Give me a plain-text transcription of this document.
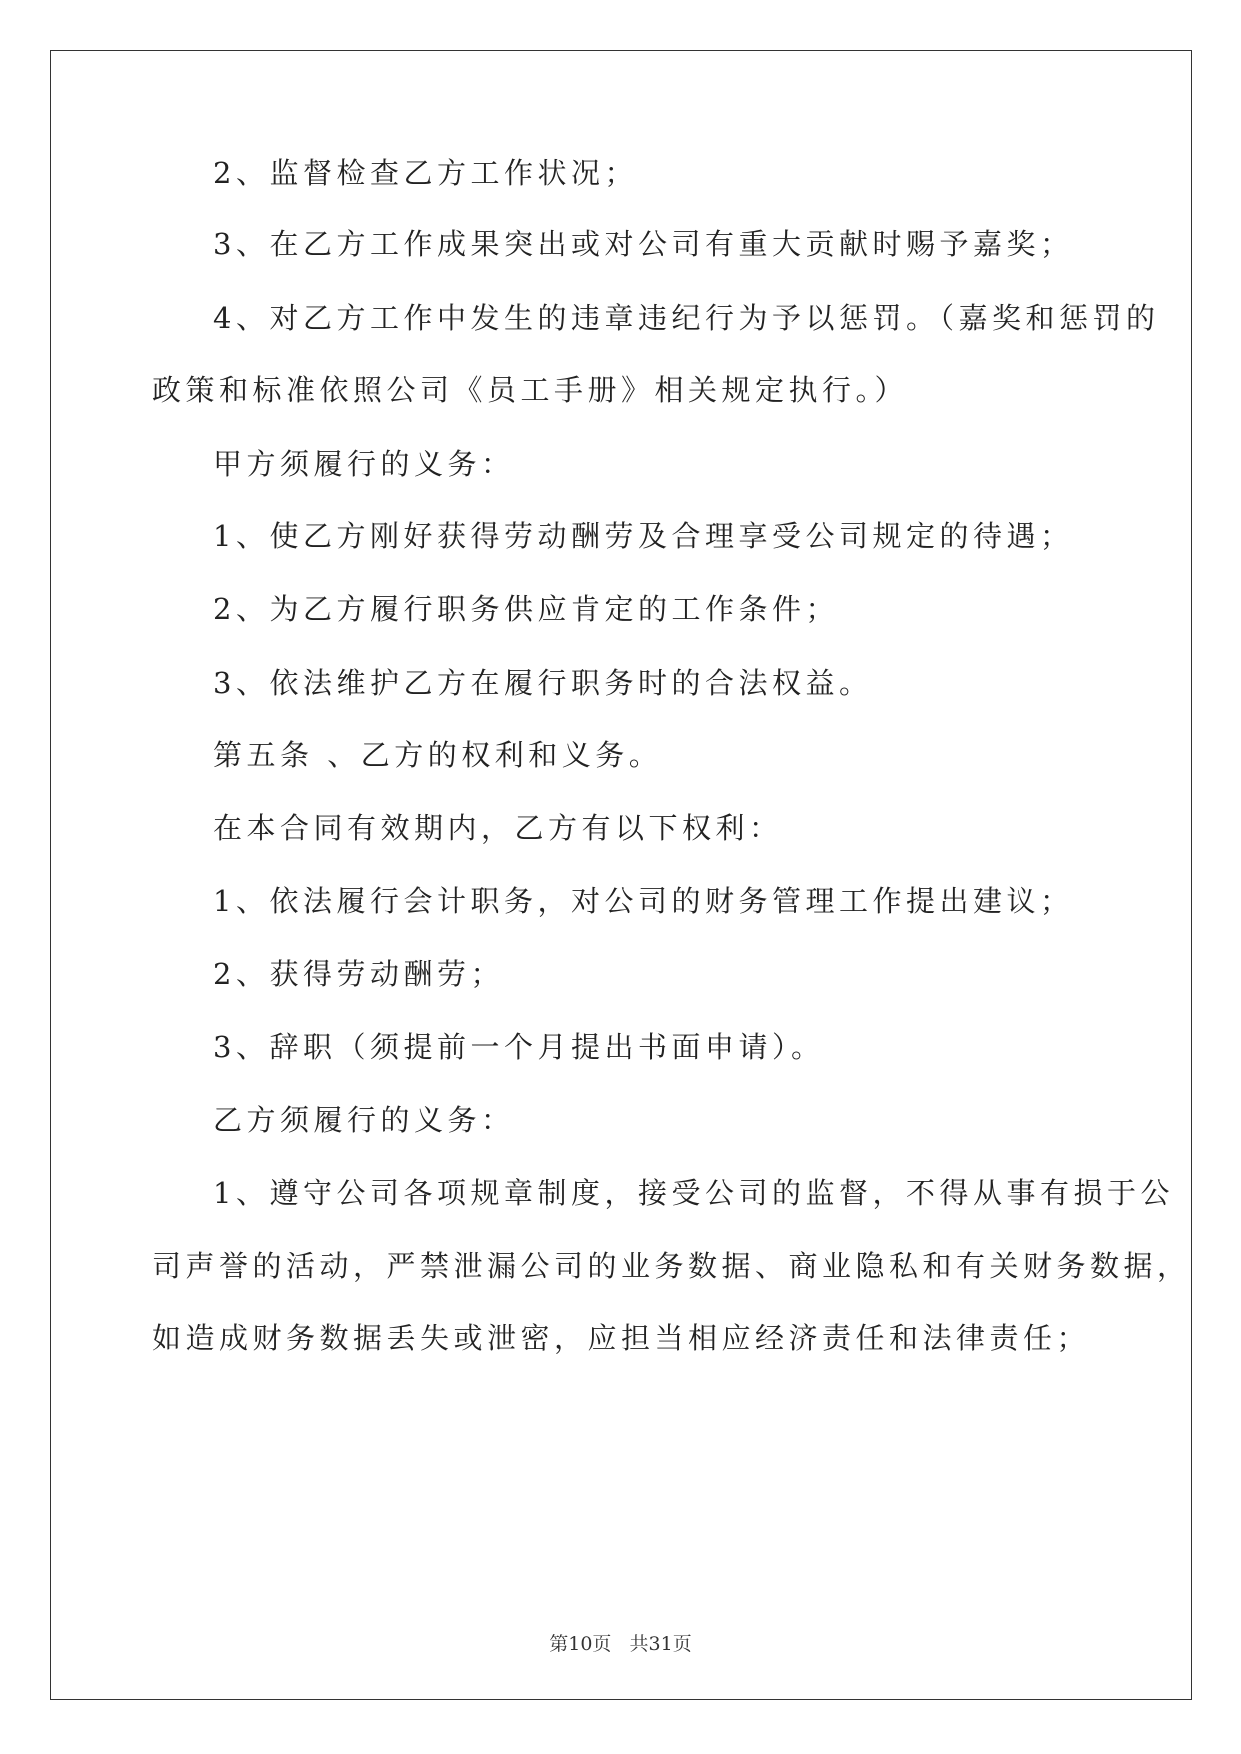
2、监督检查乙方工作状况；
3、在乙方工作成果突出或对公司有重大贡献时赐予嘉奖；
4、对乙方工作中发生的违章违纪行为予以惩罚。（嘉奖和惩罚的
政策和标准依照公司《员工手册》相关规定执行。）
甲方须履行的义务：
1、使乙方刚好获得劳动酬劳及合理享受公司规定的待遇；
2、为乙方履行职务供应肯定的工作条件；
3、依法维护乙方在履行职务时的合法权益。
第五条 、乙方的权利和义务。
在本合同有效期内，乙方有以下权利：
1、依法履行会计职务，对公司的财务管理工作提出建议；
2、获得劳动酬劳；
3、辞职（须提前一个月提出书面申请）。
乙方须履行的义务：
1、遵守公司各项规章制度，接受公司的监督，不得从事有损于公
司声誉的活动，严禁泄漏公司的业务数据、商业隐私和有关财务数据，
如造成财务数据丢失或泄密，应担当相应经济责任和法律责任；
第10页   共31页
